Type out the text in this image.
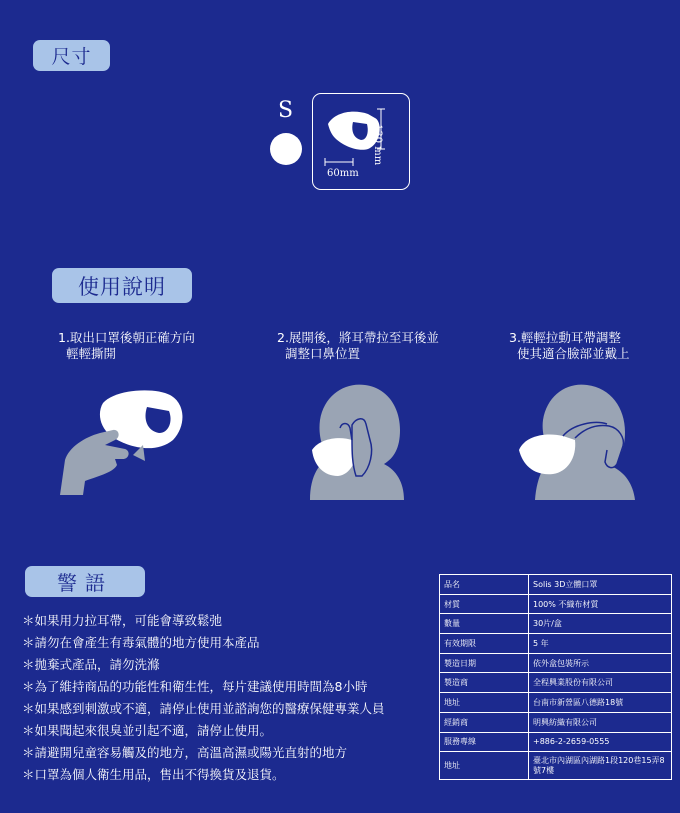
尺寸
S
60mm
130 mm
使用說明
1.取出口罩後朝正確方向
輕輕撕開
2.展開後，將耳帶拉至耳後並
調整口鼻位置
3.輕輕拉動耳帶調整
使其適合臉部並戴上
警語
＊如果用力拉耳帶，可能會導致鬆弛
＊請勿在會產生有毒氣體的地方使用本產品
＊拋棄式產品，請勿洗滌
＊為了維持商品的功能性和衛生性，每片建議使用時間為8小時
＊如果感到刺激或不適，請停止使用並諮詢您的醫療保健專業人員
＊如果聞起來很臭並引起不適，請停止使用。
＊請避開兒童容易觸及的地方，高溫高濕或陽光直射的地方
＊口罩為個人衛生用品，售出不得換貨及退貨。
品名	Solis 3D立體口罩
材質	100% 不織布材質
數量	30片/盒
有效期限	5 年
製造日期	依外盒包裝所示
製造商	全程興業股份有限公司
地址	台南市新營區八德路18號
經銷商	明興紡織有限公司
服務專線	+886-2-2659-0555
地址	臺北市內湖區內湖路1段120巷15弄8號7樓
